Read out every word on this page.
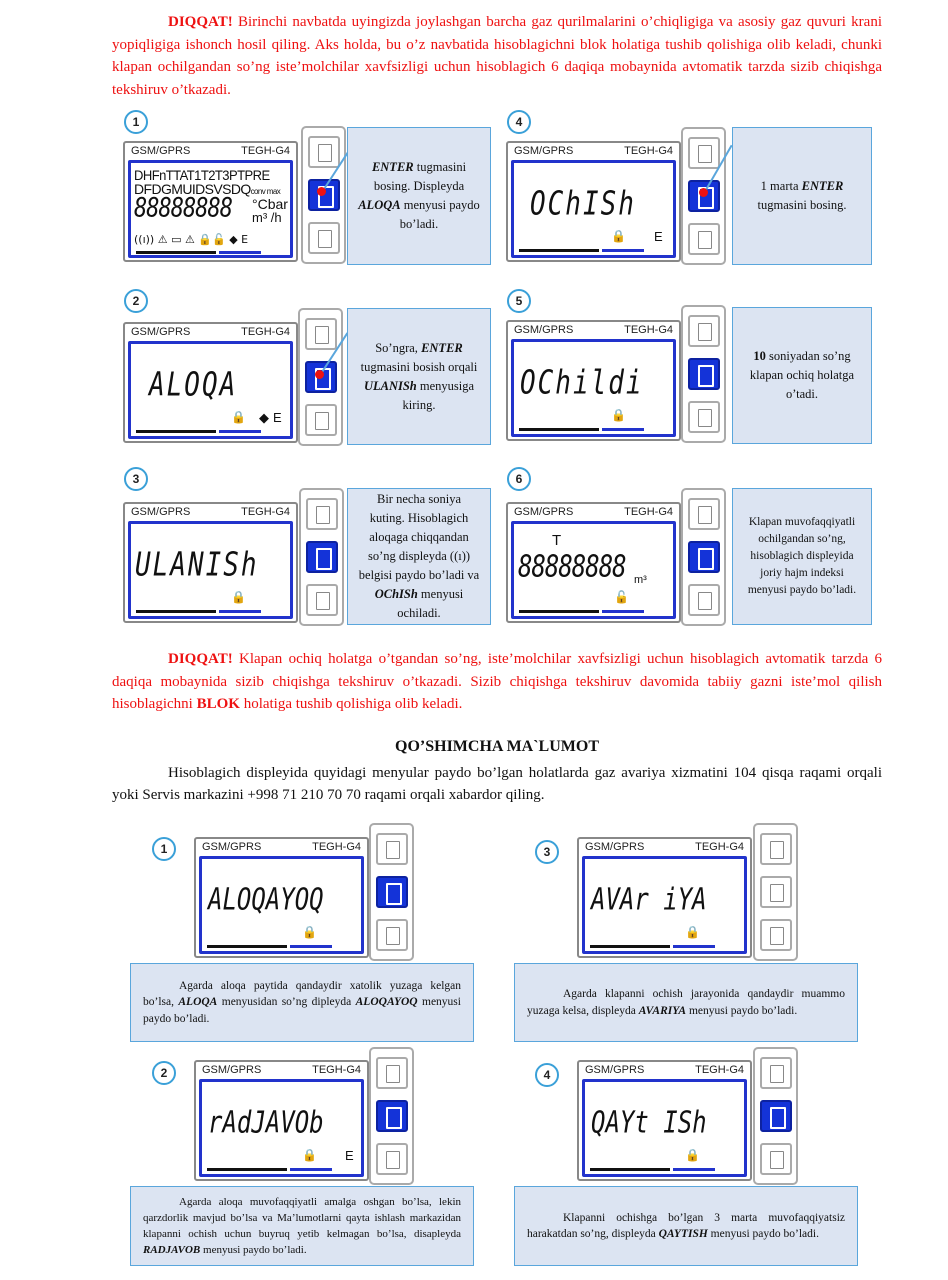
DIQQAT! Birinchi navbatda uyingizda joylashgan barcha gaz qurilmalarini o’chiqligiga va asosiy gaz quvuri krani yopiqligiga ishonch hosil qiling. Aks holda, bu o’z navbatida hisoblagichni blok holatiga tushib qolishiga olib keladi, chunki klapan ochilgandan so’ng iste’molchilar xavfsizligi uchun hisoblagich 6 daqiqa mobaynida avtomatik tarzda sizib chiqishga tekshiruv o’tkazadi.
1
GSM/GPRS	TEGH-G4
DHFnTTAT1T2T3PTPRE
DFDGMUIDSVSDQconv max
88888888 °Cbar
m³ /h
((ı)) ⚠ ▭ ⚠ 🔒🔓 ◆ E
ENTER tugmasini bosing. Displeyda ALOQA menyusi paydo bo’ladi.
4
GSM/GPRS	TEGH-G4
OChISh
🔒 E
1 marta ENTER tugmasini bosing.
2
GSM/GPRS	TEGH-G4
ALOQA
🔒 ◆ E
So’ngra, ENTER tugmasini bosish orqali ULANISh menyusiga kiring.
5
GSM/GPRS	TEGH-G4
OChildi
🔒
10 soniyadan so’ng klapan ochiq holatga o’tadi.
3
GSM/GPRS	TEGH-G4
ULANISh
🔒
Bir necha soniya kuting. Hisoblagich aloqaga chiqqandan so’ng displeyda ((ı)) belgisi paydo bo’ladi va OChISh menyusi ochiladi.
6
GSM/GPRS	TEGH-G4
T
88888888 m³
🔓
Klapan muvofaqqiyatli ochilgandan so’ng, hisoblagich displeyida joriy hajm indeksi menyusi paydo bo’ladi.
DIQQAT! Klapan ochiq holatga o’tgandan so’ng, iste’molchilar xavfsizligi uchun hisoblagich avtomatik tarzda 6 daqiqa mobaynida sizib chiqishga tekshiruv o’tkazadi. Sizib chiqishga tekshiruv davomida tabiiy gazni iste’mol qilish hisoblagichni BLOK holatiga tushib qolishiga olib keladi.
QO’SHIMCHA MA`LUMOT
Hisoblagich displeyida quyidagi menyular paydo bo’lgan holatlarda gaz avariya xizmatini 104 qisqa raqami orqali yoki Servis markazini +998 71 210 70 70 raqami orqali xabardor qiling.
1	GSM/GPRS	TEGH-G4
ALOQAYOQ
🔒
Agarda aloqa paytida qandaydir xatolik yuzaga kelgan bo’lsa, ALOQA menyusidan so’ng dipleyda ALOQAYOQ menyusi paydo bo’ladi.
3	GSM/GPRS	TEGH-G4
AVAr iYA
🔒
Agarda klapanni ochish jarayonida qandaydir muammo yuzaga kelsa, displeyda AVARIYA menyusi paydo bo’ladi.
2	GSM/GPRS	TEGH-G4
rAdJAVOb
🔒 E
Agarda aloqa muvofaqqiyatli amalga oshgan bo’lsa, lekin qarzdorlik mavjud bo’lsa va Ma’lumotlarni qayta ishlash markazidan klapanni ochish uchun buyruq yetib kelmagan bo’lsa, disapleyda RADJAVOB menyusi paydo bo’ladi.
4	GSM/GPRS	TEGH-G4
QAYt ISh
🔒
Klapanni ochishga bo’lgan 3 marta muvofaqqiyatsiz harakatdan so’ng, displeyda QAYTISH menyusi paydo bo’ladi.
